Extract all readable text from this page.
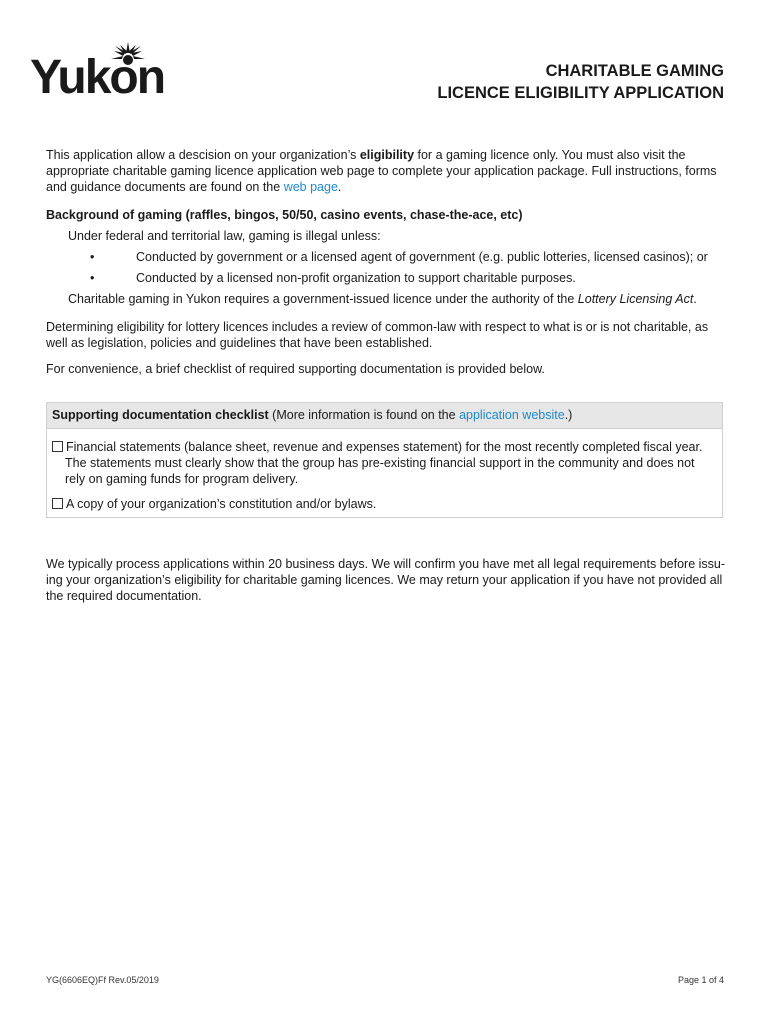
Yukon	CHARITABLE GAMING
LICENCE ELIGIBILITY APPLICATION
This application allow a descision on your organization’s eligibility for a gaming licence only. You must also visit the appropriate charitable gaming licence application web page to complete your application package. Full instructions, forms and guidance documents are found on the web page.
Background of gaming (raffles, bingos, 50/50, casino events, chase-the-ace, etc)
Under federal and territorial law, gaming is illegal unless:
•	Conducted by government or a licensed agent of government (e.g. public lotteries, licensed casinos); or
•	Conducted by a licensed non-profit organization to support charitable purposes.
Charitable gaming in Yukon requires a government-issued licence under the authority of the Lottery Licensing Act.
Determining eligibility for lottery licences includes a review of common-law with respect to what is or is not charitable, as well as legislation, policies and guidelines that have been established.
For convenience, a brief checklist of required supporting documentation is provided below.
Supporting documentation checklist (More information is found on the application website.)
Financial statements (balance sheet, revenue and expenses statement) for the most recently completed fiscal year.
The statements must clearly show that the group has pre-existing financial support in the community and does not rely on gaming funds for program delivery.
A copy of your organization’s constitution and/or bylaws.
We typically process applications within 20 business days. We will confirm you have met all legal requirements before issu-ing your organization’s eligibility for charitable gaming licences. We may return your application if you have not provided all the required documentation.
YG(6606EQ)Ff Rev.05/2019	Page 1 of 4
